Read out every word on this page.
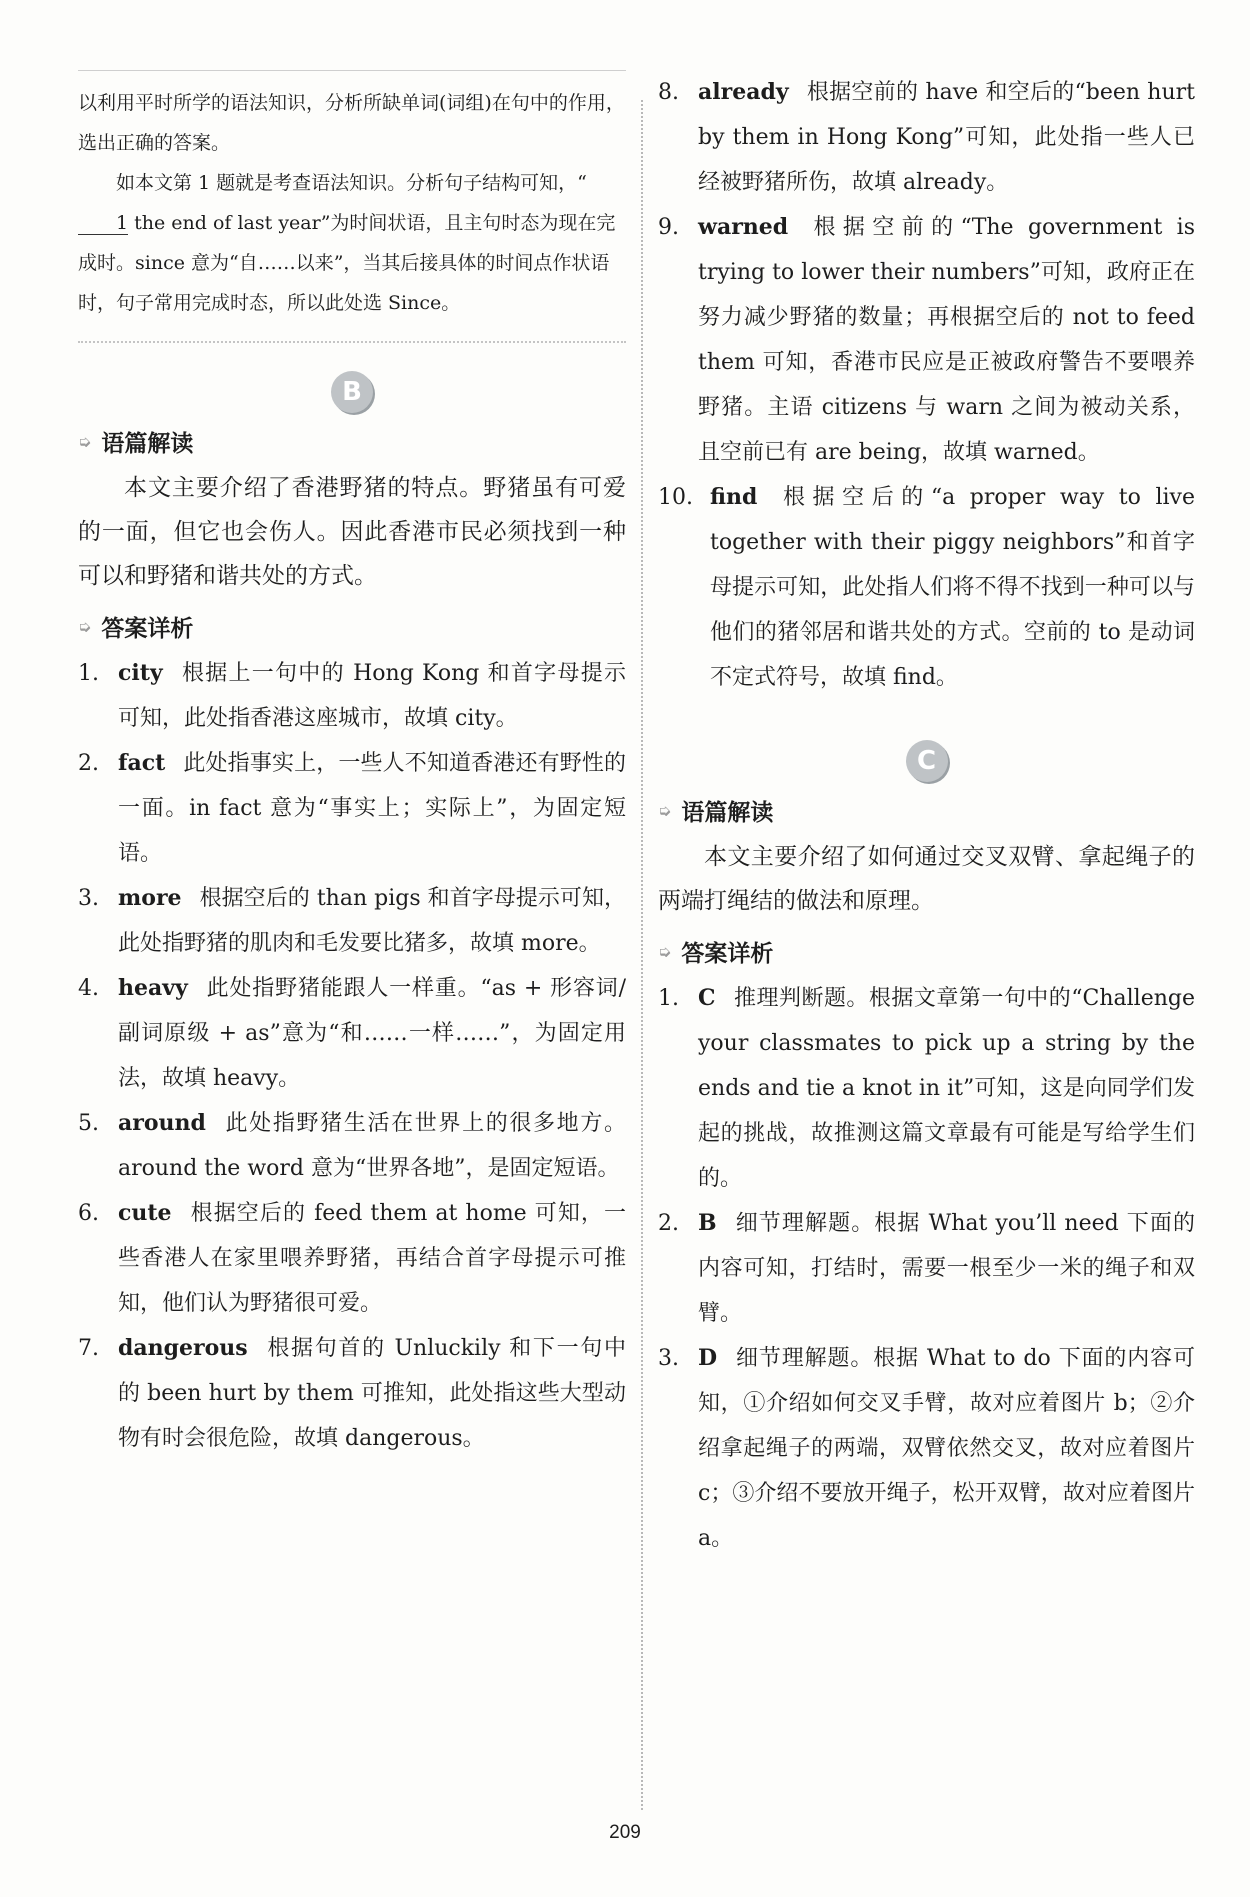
以利用平时所学的语法知识，分析所缺单词(词组)在句中的作用，选出正确的答案。

如本文第 1 题就是考查语法知识。分析句子结构可知，“1 the end of last year”为时间状语，且主句时态为现在完成时。since 意为“自……以来”，当其后接具体的时间点作状语时，句子常用完成时态，所以此处选 Since。

B
➭ 语篇解读

本文主要介绍了香港野猪的特点。野猪虽有可爱的一面，但它也会伤人。因此香港市民必须找到一种可以和野猪和谐共处的方式。

➭ 答案详析
1. city 根据上一句中的 Hong Kong 和首字母提示可知，此处指香港这座城市，故填 city。
2. fact 此处指事实上，一些人不知道香港还有野性的一面。in fact 意为“事实上；实际上”，为固定短语。
3. more 根据空后的 than pigs 和首字母提示可知，此处指野猪的肌肉和毛发要比猪多，故填 more。
4. heavy 此处指野猪能跟人一样重。“as + 形容词/副词原级 + as”意为“和……一样……”，为固定用法，故填 heavy。
5. around 此处指野猪生活在世界上的很多地方。around the word 意为“世界各地”，是固定短语。
6. cute 根据空后的 feed them at home 可知，一些香港人在家里喂养野猪，再结合首字母提示可推知，他们认为野猪很可爱。
7. dangerous 根据句首的 Unluckily 和下一句中的 been hurt by them 可推知，此处指这些大型动物有时会很危险，故填 dangerous。
8. already 根据空前的 have 和空后的“been hurt by them in Hong Kong”可知，此处指一些人已经被野猪所伤，故填 already。
9. warned 根据空前的“The government is trying to lower their numbers”可知，政府正在努力减少野猪的数量；再根据空后的 not to feed them 可知，香港市民应是正被政府警告不要喂养野猪。主语 citizens 与 warn 之间为被动关系，且空前已有 are being，故填 warned。
10. find 根据空后的“a proper way to live together with their piggy neighbors”和首字母提示可知，此处指人们将不得不找到一种可以与他们的猪邻居和谐共处的方式。空前的 to 是动词不定式符号，故填 find。
C
➭ 语篇解读

本文主要介绍了如何通过交叉双臂、拿起绳子的两端打绳结的做法和原理。

➭ 答案详析
1. C 推理判断题。根据文章第一句中的“Challenge your classmates to pick up a string by the ends and tie a knot in it”可知，这是向同学们发起的挑战，故推测这篇文章最有可能是写给学生们的。
2. B 细节理解题。根据 What you’ll need 下面的内容可知，打结时，需要一根至少一米的绳子和双臂。
3. D 细节理解题。根据 What to do 下面的内容可知，①介绍如何交叉手臂，故对应着图片 b；②介绍拿起绳子的两端，双臂依然交叉，故对应着图片 c；③介绍不要放开绳子，松开双臂，故对应着图片 a。
209
